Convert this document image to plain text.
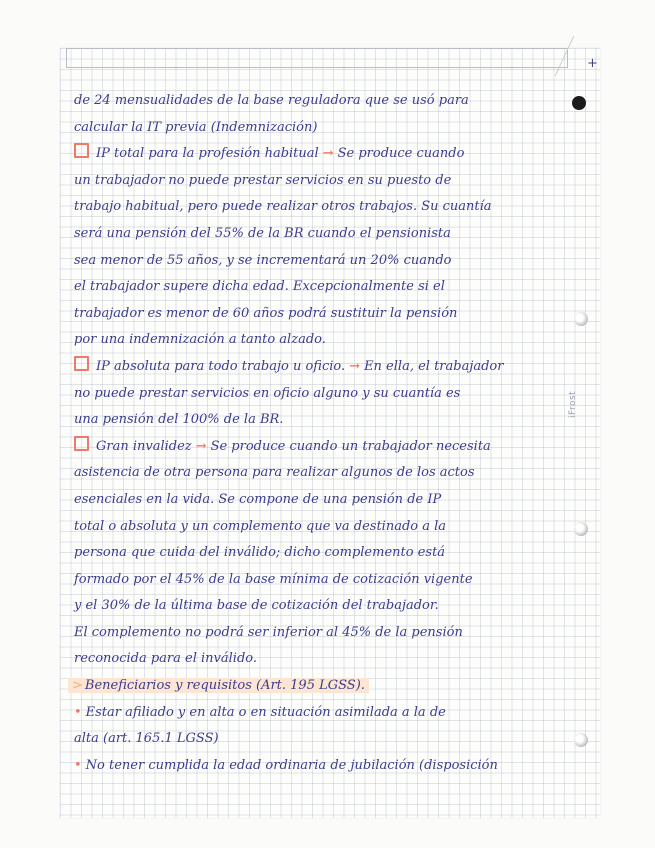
+
iFrost
de 24 mensualidades de la base reguladora que se usó para
calcular la IT previa (Indemnización)
IP total para la profesión habitual → Se produce cuando
un trabajador no puede prestar servicios en su puesto de
trabajo habitual, pero puede realizar otros trabajos. Su cuantía
será una pensión del 55% de la BR cuando el pensionista
sea menor de 55 años, y se incrementará un 20% cuando
el trabajador supere dicha edad. Excepcionalmente si el
trabajador es menor de 60 años podrá sustituir la pensión
por una indemnización a tanto alzado.
IP absoluta para todo trabajo u oficio. → En ella, el trabajador
no puede prestar servicios en oficio alguno y su cuantía es
una pensión del 100% de la BR.
Gran invalidez → Se produce cuando un trabajador necesita
asistencia de otra persona para realizar algunos de los actos
esenciales en la vida. Se compone de una pensión de IP
total o absoluta y un complemento que va destinado a la
persona que cuida del inválido; dicho complemento está
formado por el 45% de la base mínima de cotización vigente
y el 30% de la última base de cotización del trabajador.
El complemento no podrá ser inferior al 45% de la pensión
reconocida para el inválido.
> Beneficiarios y requisitos (Art. 195 LGSS).
• Estar afiliado y en alta o en situación asimilada a la de
alta (art. 165.1 LGSS)
• No tener cumplida la edad ordinaria de jubilación (disposición
